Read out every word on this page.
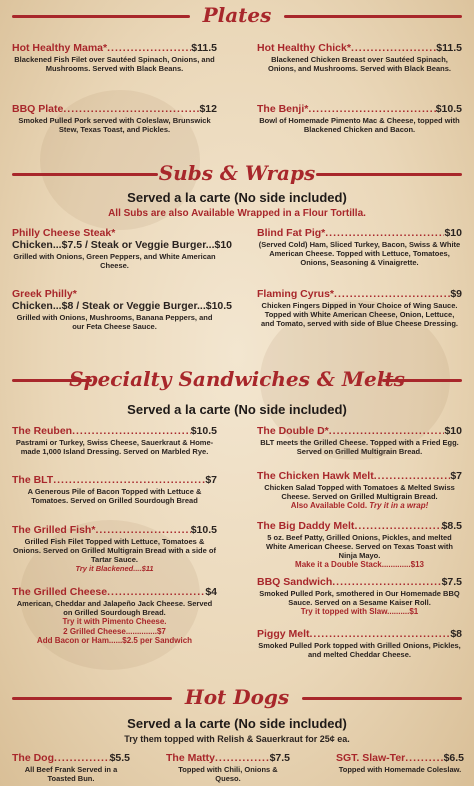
Plates
Hot Healthy Mama* .....	$11.5
Blackened Fish Filet over Sautéed Spinach, Onions, and Mushrooms. Served with Black Beans.
Hot Healthy Chick* .....	$11.5
Blackened Chicken Breast over Sautéed Spinach, Onions, and Mushrooms. Served with Black Beans.
BBQ Plate .....	$12
Smoked Pulled Pork served with Coleslaw, Brunswick Stew, Texas Toast, and Pickles.
The Benji* .....	$10.5
Bowl of Homemade Pimento Mac & Cheese, topped with Blackened Chicken and Bacon.
Subs & Wraps
Served a la carte (No side included)
All Subs are also Available Wrapped in a Flour Tortilla.
Philly Cheese Steak*
Chicken...$7.5 / Steak or Veggie Burger...$10
Grilled with Onions, Green Peppers, and White American Cheese.
Blind Fat Pig* .....	$10
(Served Cold) Ham, Sliced Turkey, Bacon, Swiss & White American Cheese. Topped with Lettuce, Tomatoes, Onions, Seasoning & Vinaigrette.
Greek Philly*
Chicken...$8 / Steak or Veggie Burger...$10.5
Grilled with Onions, Mushrooms, Banana Peppers, and our Feta Cheese Sauce.
Flaming Cyrus* .....	$9
Chicken Fingers Dipped in Your Choice of Wing Sauce. Topped with White American Cheese, Onion, Lettuce, and Tomato, served with side of Blue Cheese Dressing.
Specialty Sandwiches & Melts
Served a la carte (No side included)
The Reuben .....	$10.5
Pastrami or Turkey, Swiss Cheese, Sauerkraut & Home-made 1,000 Island Dressing. Served on Marbled Rye.
The Double D* .....	$10
BLT meets the Grilled Cheese. Topped with a Fried Egg. Served on Grilled Multigrain Bread.
The BLT .....	$7
A Generous Pile of Bacon Topped with Lettuce & Tomatoes. Served on Grilled Sourdough Bread
The Chicken Hawk Melt .....	$7
Chicken Salad Topped with Tomatoes & Melted Swiss Cheese. Served on Grilled Multigrain Bread.
Also Available Cold. Try it in a wrap!
The Grilled Fish* .....	$10.5
Grilled Fish Filet Topped with Lettuce, Tomatoes & Onions. Served on Grilled Multigrain Bread with a side of Tartar Sauce.
Try it Blackened....$11
The Big Daddy Melt .....	$8.5
5 oz. Beef Patty, Grilled Onions, Pickles, and melted White American Cheese. Served on Texas Toast with Ninja Mayo.
Make it a Double Stack.............$13
The Grilled Cheese .....	$4
American, Cheddar and Jalapeño Jack Cheese. Served on Grilled Sourdough Bread.
Try it with Pimento Cheese.
2 Grilled Cheese..............$7
Add Bacon or Ham......$2.5 per Sandwich
BBQ Sandwich .....	$7.5
Smoked Pulled Pork, smothered in Our Homemade BBQ Sauce. Served on a Sesame Kaiser Roll.
Try it topped with Slaw..........$1
Piggy Melt .....	$8
Smoked Pulled Pork topped with Grilled Onions, Pickles, and melted Cheddar Cheese.
Hot Dogs
Served a la carte (No side included)
Try them topped with Relish & Sauerkraut for 25¢ ea.
The Dog .....	$5.5
All Beef Frank Served in a Toasted Bun.
The Matty .....	$7.5
Topped with Chili, Onions & Queso.
SGT. Slaw-Ter .....	$6.5
Topped with Homemade Coleslaw.
